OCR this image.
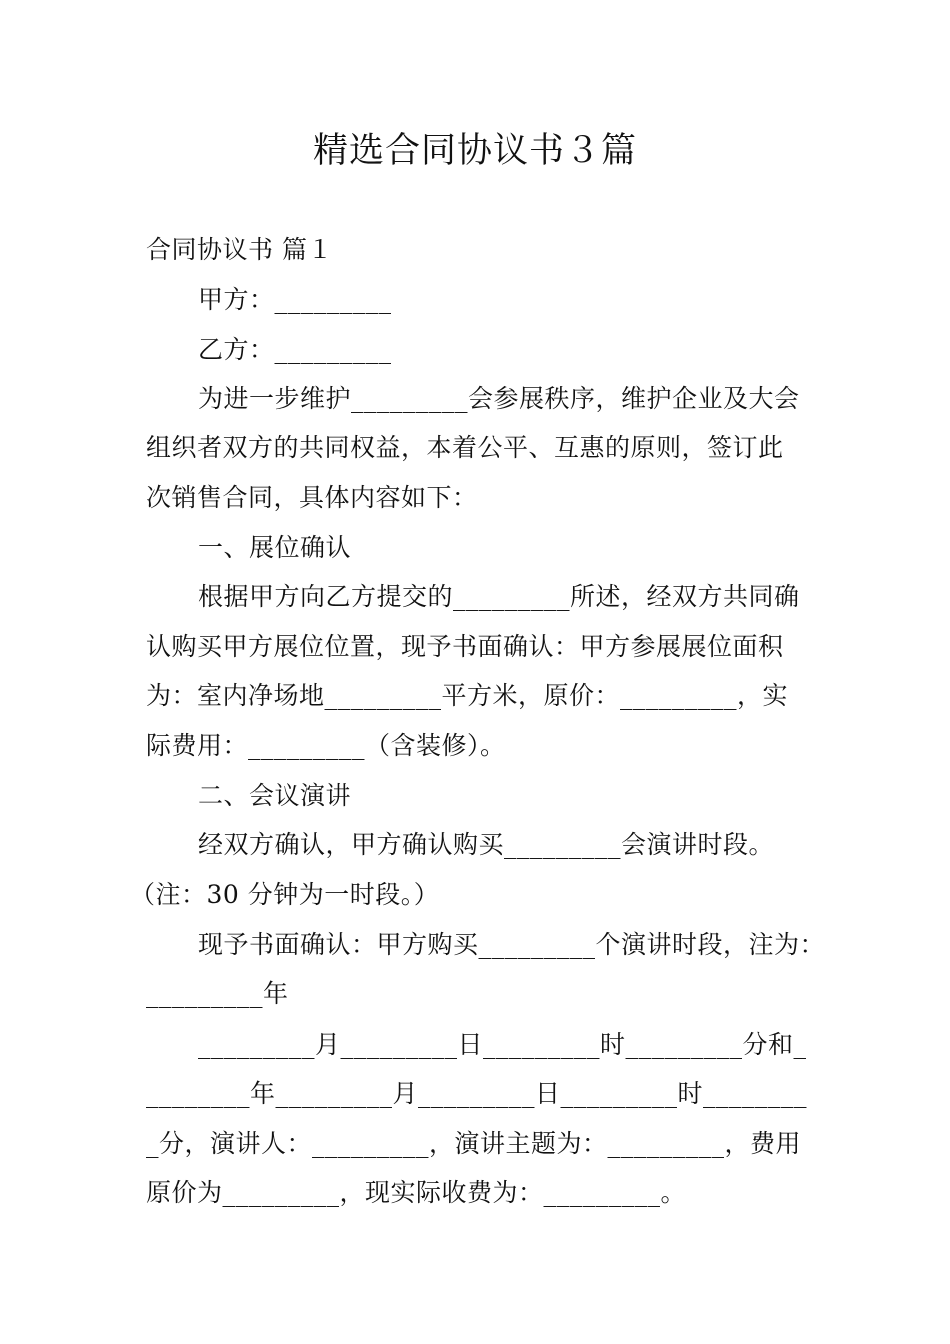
精选合同协议书３篇
合同协议书 篇１
甲方：_________
乙方：_________
为进一步维护_________会参展秩序，维护企业及大会
组织者双方的共同权益，本着公平、互惠的原则，签订此
次销售合同，具体内容如下：
一、展位确认
根据甲方向乙方提交的_________所述，经双方共同确
认购买甲方展位位置，现予书面确认：甲方参展展位面积
为：室内净场地_________平方米，原价：_________，实
际费用：_________（含装修）。
二、会议演讲
经双方确认，甲方确认购买_________会演讲时段。
（注：30 分钟为一时段。）
现予书面确认：甲方购买_________个演讲时段，注为：
_________年
_________月_________日_________时_________分和_
________年_________月_________日_________时________
_分，演讲人：_________，演讲主题为：_________，费用
原价为_________，现实际收费为：_________。
